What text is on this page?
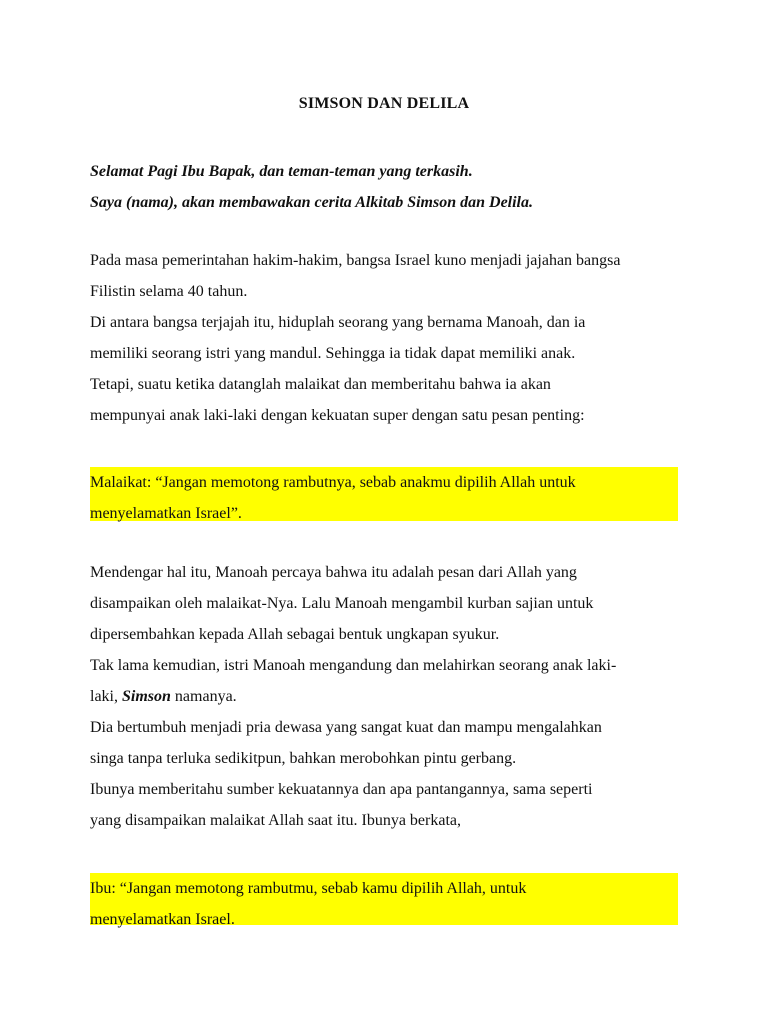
SIMSON DAN DELILA

Selamat Pagi Ibu Bapak, dan teman-teman yang terkasih.

Saya (nama), akan membawakan cerita Alkitab Simson dan Delila.

Pada masa pemerintahan hakim-hakim, bangsa Israel kuno menjadi jajahan bangsa

Filistin selama 40 tahun.

Di antara bangsa terjajah itu, hiduplah seorang yang bernama Manoah, dan ia

memiliki seorang istri yang mandul. Sehingga ia tidak dapat memiliki anak.

Tetapi, suatu ketika datanglah malaikat dan memberitahu bahwa ia akan

mempunyai anak laki-laki dengan kekuatan super dengan satu pesan penting:

Malaikat: “Jangan memotong rambutnya, sebab anakmu dipilih Allah untuk

menyelamatkan Israel”.

Mendengar hal itu, Manoah percaya bahwa itu adalah pesan dari Allah yang

disampaikan oleh malaikat-Nya. Lalu Manoah mengambil kurban sajian untuk

dipersembahkan kepada Allah sebagai bentuk ungkapan syukur.

Tak lama kemudian, istri Manoah mengandung dan melahirkan seorang anak laki-

laki, Simson namanya.

Dia bertumbuh menjadi pria dewasa yang sangat kuat dan mampu mengalahkan

singa tanpa terluka sedikitpun, bahkan merobohkan pintu gerbang.

Ibunya memberitahu sumber kekuatannya dan apa pantangannya, sama seperti

yang disampaikan malaikat Allah saat itu. Ibunya berkata,

Ibu: “Jangan memotong rambutmu, sebab kamu dipilih Allah, untuk

menyelamatkan Israel.
